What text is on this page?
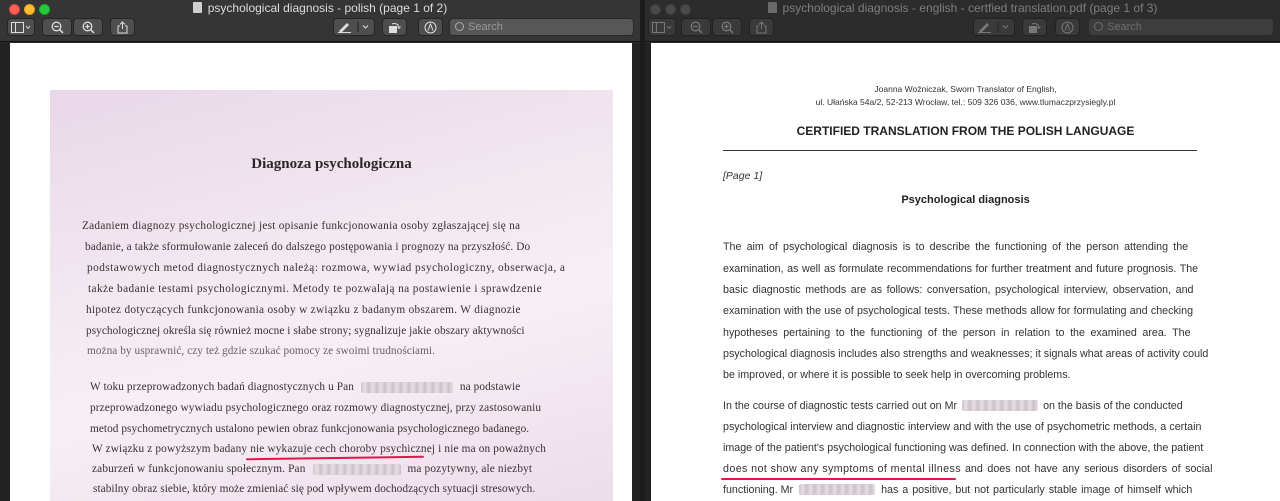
psychological diagnosis - polish (page 1 of 2)
Search
Diagnoza psychologiczna
Zadaniem diagnozy psychologicznej jest opisanie funkcjonowania osoby zgłaszającej się na
badanie, a także sformułowanie zaleceń do dalszego postępowania i prognozy na przyszłość. Do
podstawowych metod diagnostycznych należą: rozmowa, wywiad psychologiczny, obserwacja, a
także badanie testami psychologicznymi. Metody te pozwalają na postawienie i sprawdzenie
hipotez dotyczących funkcjonowania osoby w związku z badanym obszarem. W diagnozie
psychologicznej określa się również mocne i słabe strony; sygnalizuje jakie obszary aktywności
można by usprawnić, czy też gdzie szukać pomocy ze swoimi trudnościami.
W toku przeprowadzonych badań diagnostycznych u Pan	na podstawie
przeprowadzonego wywiadu psychologicznego oraz rozmowy diagnostycznej, przy zastosowaniu
metod psychometrycznych ustalono pewien obraz funkcjonowania psychologicznego badanego.
W związku z powyższym badany nie wykazuje cech choroby psychicznej i nie ma on poważnych
zaburzeń w funkcjonowaniu społecznym. Pan	ma pozytywny, ale niezbyt
stabilny obraz siebie, który może zmieniać się pod wpływem dochodzących sytuacji stresowych.
psychological diagnosis - english - certfied translation.pdf (page 1 of 3)
Search
Joanna Woźniczak, Sworn Translator of English,
ul. Ułańska 54a/2, 52-213 Wrocław, tel.: 509 326 036, www.tlumaczprzysiegly.pl
CERTIFIED TRANSLATION FROM THE POLISH LANGUAGE
[Page 1]
Psychological diagnosis
The aim of psychological diagnosis is to describe the functioning of the person attending the
examination, as well as formulate recommendations for further treatment and future prognosis. The
basic diagnostic methods are as follows: conversation, psychological interview, observation, and
examination with the use of psychological tests. These methods allow for formulating and checking
hypotheses pertaining to the functioning of the person in relation to the examined area. The
psychological diagnosis includes also strengths and weaknesses; it signals what areas of activity could
be improved, or where it is possible to seek help in overcoming problems.
In the course of diagnostic tests carried out on Mr	on the basis of the conducted
psychological interview and diagnostic interview and with the use of psychometric methods, a certain
image of the patient's psychological functioning was defined. In connection with the above, the patient
does not show any symptoms of mental illness and does not have any serious disorders of social
functioning. Mr	has a positive, but not particularly stable image of himself which
